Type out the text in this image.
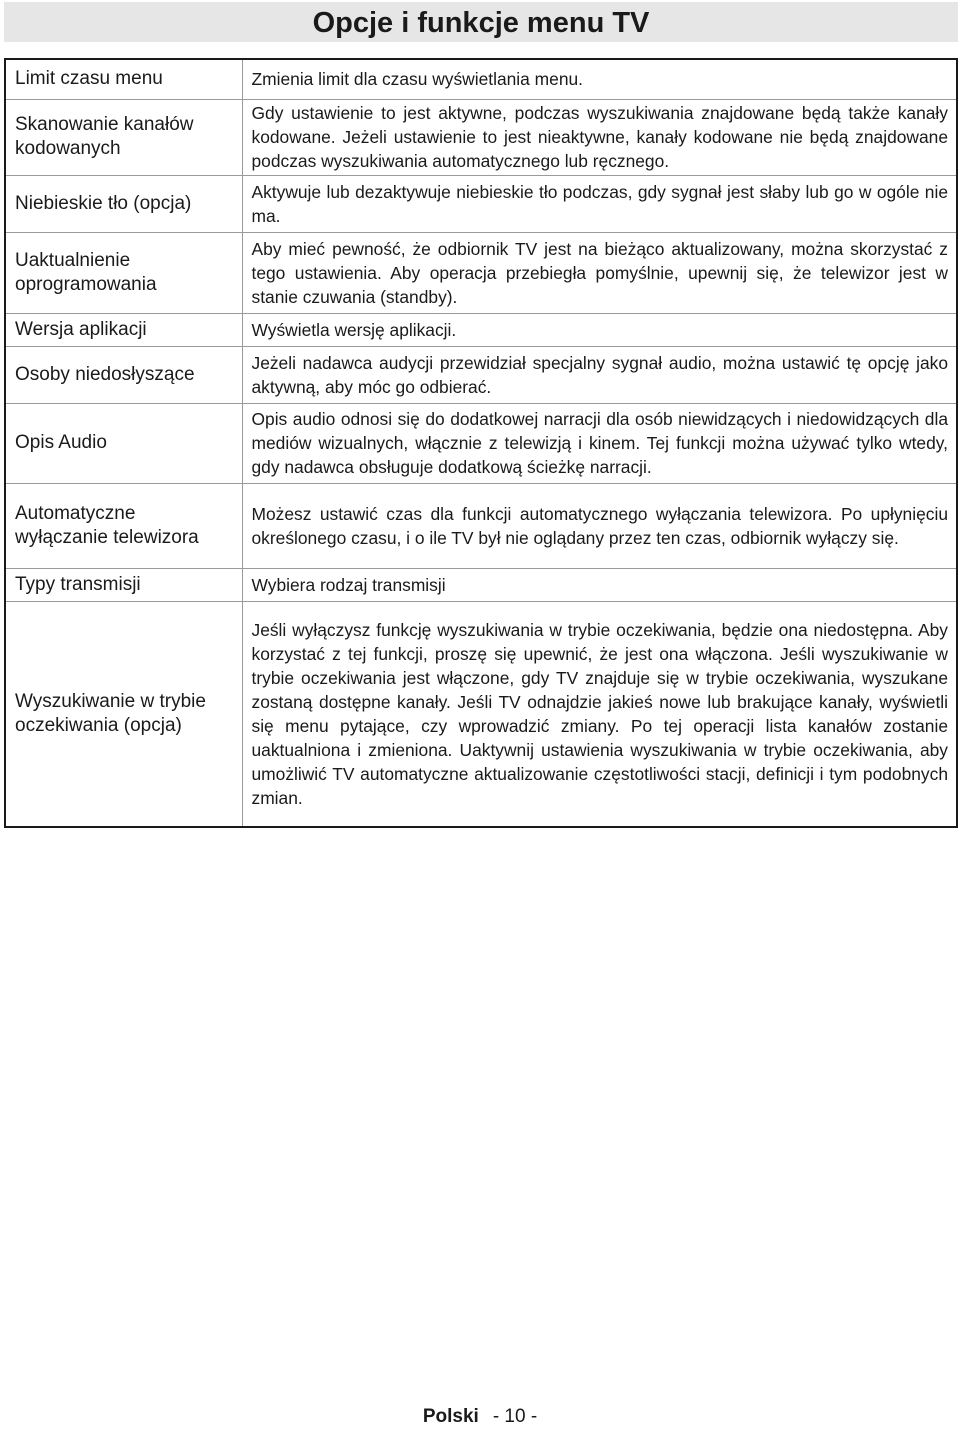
Opcje i funkcje menu TV
Limit czasu menu	Zmienia limit dla czasu wyświetlania menu.
Skanowanie kanałów kodowanych	Gdy ustawienie to jest aktywne, podczas wyszukiwania znajdowane będą także kanały kodowane. Jeżeli ustawienie to jest nieaktywne, kanały kodowane nie będą znajdowane podczas wyszukiwania automatycznego lub ręcznego.
Niebieskie tło (opcja)	Aktywuje lub dezaktywuje niebieskie tło podczas, gdy sygnał jest słaby lub go w ogóle nie ma.
Uaktualnienie oprogramowania	Aby mieć pewność, że odbiornik TV jest na bieżąco aktualizowany, można skorzystać z tego ustawienia. Aby operacja przebiegła pomyślnie, upewnij się, że telewizor jest w stanie czuwania (standby).
Wersja aplikacji	Wyświetla wersję aplikacji.
Osoby niedosłyszące	Jeżeli nadawca audycji przewidział specjalny sygnał audio, można ustawić tę opcję jako aktywną, aby móc go odbierać.
Opis Audio	Opis audio odnosi się do dodatkowej narracji dla osób niewidzących i niedowidzących dla mediów wizualnych, włącznie z telewizją i kinem. Tej funkcji można używać tylko wtedy, gdy nadawca obsługuje dodatkową ścieżkę narracji.
Automatyczne wyłączanie telewizora	Możesz ustawić czas dla funkcji automatycznego wyłączania telewizora. Po upłynięciu określonego czasu, i o ile TV był nie oglądany przez ten czas, odbiornik wyłączy się.
Typy transmisji	Wybiera rodzaj transmisji
Wyszukiwanie w trybie oczekiwania (opcja)	Jeśli wyłączysz funkcję wyszukiwania w trybie oczekiwania, będzie ona niedostępna. Aby korzystać z tej funkcji, proszę się upewnić, że jest ona włączona. Jeśli wyszukiwanie w trybie oczekiwania jest włączone, gdy TV znajduje się w trybie oczekiwania, wyszukane zostaną dostępne kanały. Jeśli TV odnajdzie jakieś nowe lub brakujące kanały, wyświetli się menu pytające, czy wprowadzić zmiany. Po tej operacji lista kanałów zostanie uaktualniona i zmieniona. Uaktywnij ustawienia wyszukiwania w trybie oczekiwania, aby umożliwić TV automatyczne aktualizowanie częstotliwości stacji, definicji i tym podobnych zmian.
Polski - 10 -
